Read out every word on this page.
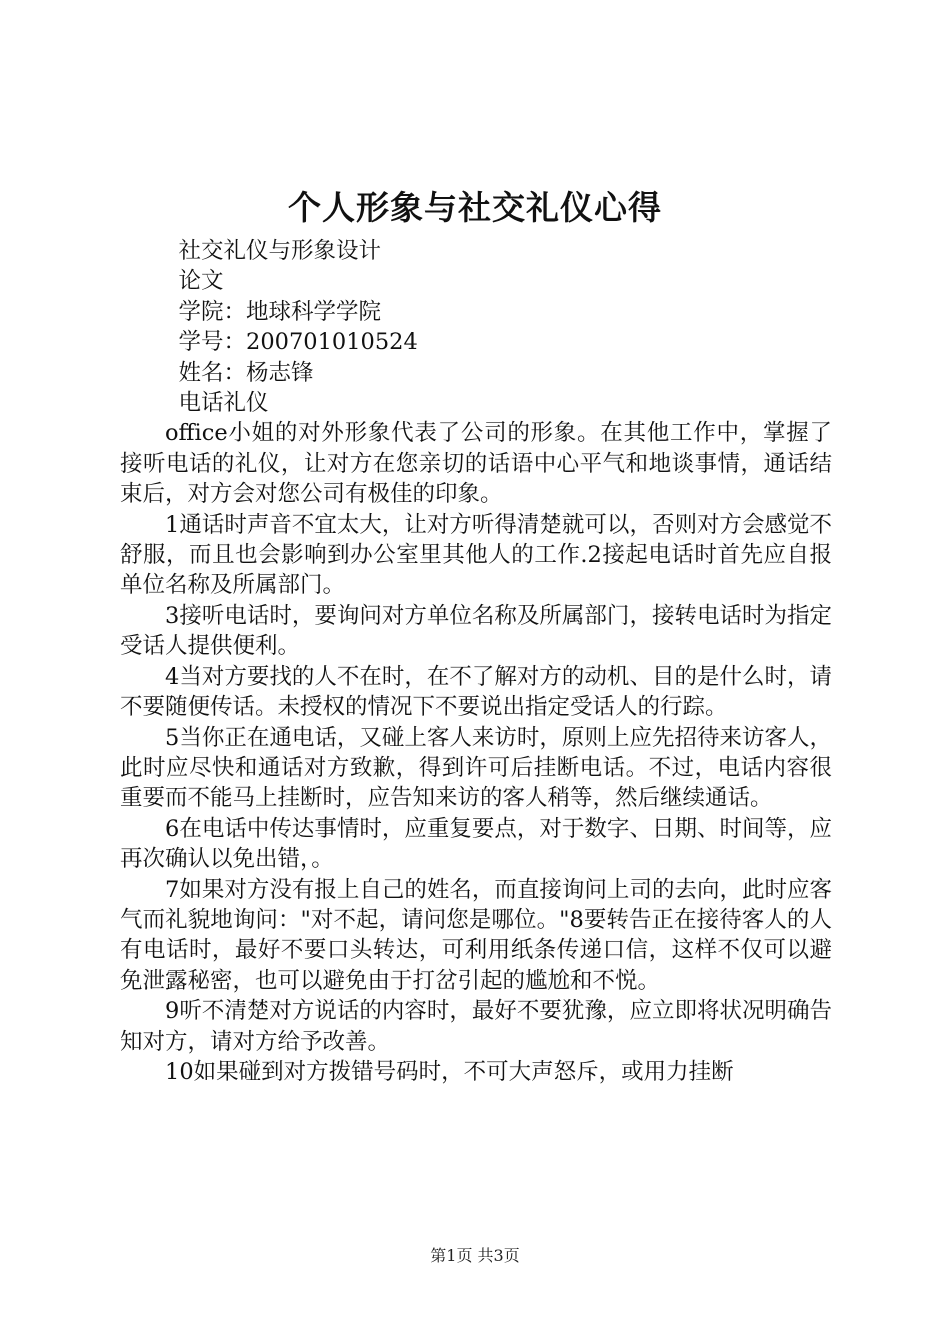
个人形象与社交礼仪心得

社交礼仪与形象设计

论文

学院：地球科学学院

学号：200701010524

姓名：杨志锋

电话礼仪

office小姐的对外形象代表了公司的形象。在其他工作中，掌握了接听电话的礼仪，让对方在您亲切的话语中心平气和地谈事情，通话结束后，对方会对您公司有极佳的印象。

1通话时声音不宜太大，让对方听得清楚就可以，否则对方会感觉不舒服，而且也会影响到办公室里其他人的工作.2接起电话时首先应自报单位名称及所属部门。

3接听电话时，要询问对方单位名称及所属部门，接转电话时为指定受话人提供便利。

4当对方要找的人不在时，在不了解对方的动机、目的是什么时，请不要随便传话。未授权的情况下不要说出指定受话人的行踪。

5当你正在通电话，又碰上客人来访时，原则上应先招待来访客人，此时应尽快和通话对方致歉，得到许可后挂断电话。不过，电话内容很重要而不能马上挂断时，应告知来访的客人稍等，然后继续通话。

6在电话中传达事情时，应重复要点，对于数字、日期、时间等，应再次确认以免出错，。

7如果对方没有报上自己的姓名，而直接询问上司的去向，此时应客气而礼貌地询问："对不起，请问您是哪位。"8要转告正在接待客人的人有电话时，最好不要口头转达，可利用纸条传递口信，这样不仅可以避免泄露秘密，也可以避免由于打岔引起的尴尬和不悦。

9听不清楚对方说话的内容时，最好不要犹豫，应立即将状况明确告知对方，请对方给予改善。

10如果碰到对方拨错号码时，不可大声怒斥，或用力挂断

第1页 共3页
